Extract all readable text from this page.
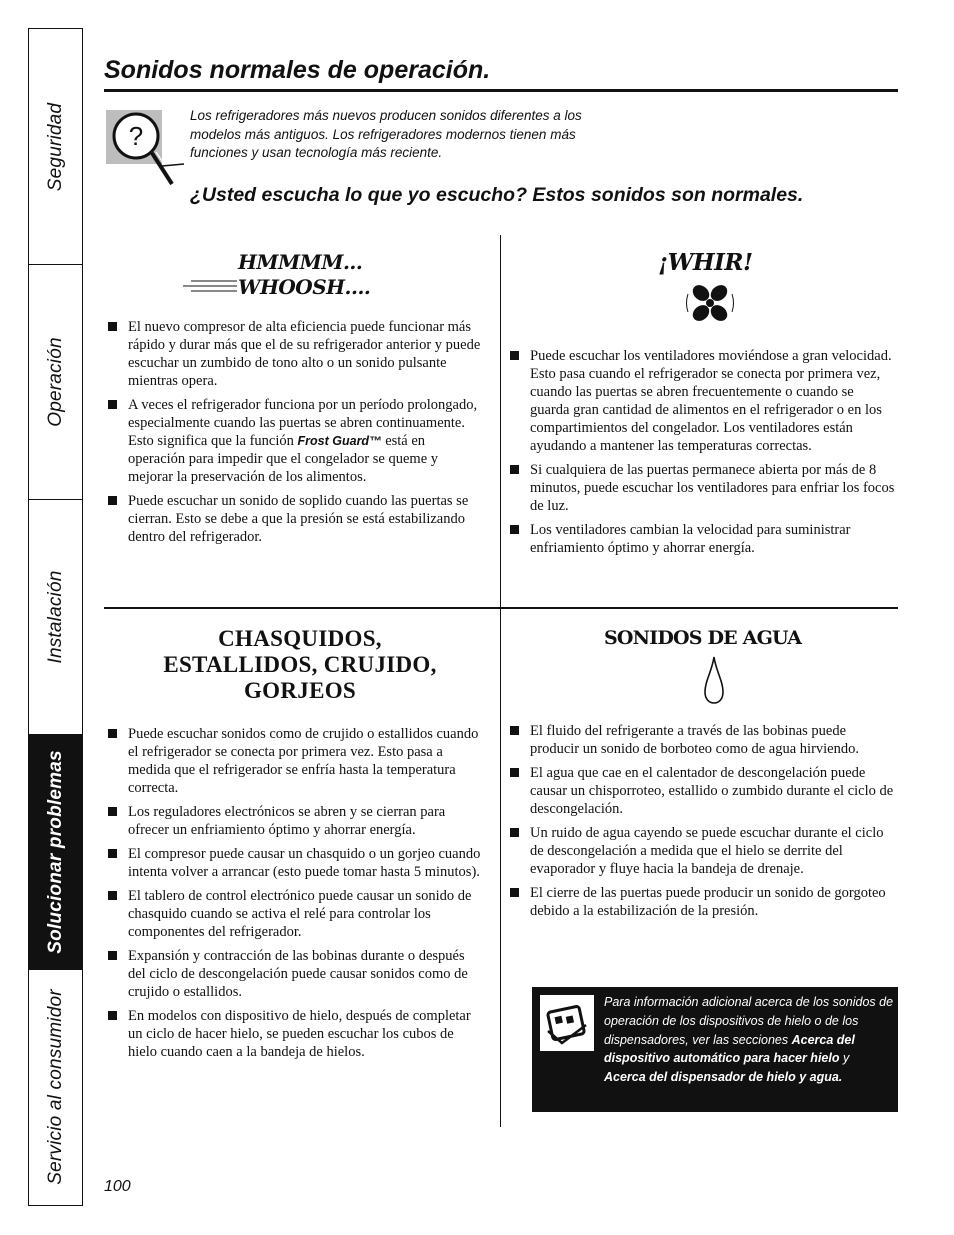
Seguridad
Operación
Instalación
Solucionar problemas
Servicio al consumidor
Sonidos normales de operación.
?
Los refrigeradores más nuevos producen sonidos diferentes a los modelos más antiguos. Los refrigeradores modernos tienen más funciones y usan tecnología más reciente.
¿Usted escucha lo que yo escucho? Estos sonidos son normales.
HMMMM...
WHOOSH....
El nuevo compresor de alta eficiencia puede funcionar más rápido y durar más que el de su refrigerador anterior y puede escuchar un zumbido de tono alto o un sonido pulsante mientras opera.
A veces el refrigerador funciona por un período prolongado, especialmente cuando las puertas se abren continuamente. Esto significa que la función Frost Guard™ está en operación para impedir que el congelador se queme y mejorar la preservación de los alimentos.
Puede escuchar un sonido de soplido cuando las puertas se cierran. Esto se debe a que la presión se está estabilizando dentro del refrigerador.
¡WHIR!
Puede escuchar los ventiladores moviéndose a gran velocidad. Esto pasa cuando el refrigerador se conecta por primera vez, cuando las puertas se abren frecuentemente o cuando se guarda gran cantidad de alimentos en el refrigerador o en los compartimientos del congelador. Los ventiladores están ayudando a mantener las temperaturas correctas.
Si cualquiera de las puertas permanece abierta por más de 8 minutos, puede escuchar los ventiladores para enfriar los focos de luz.
Los ventiladores cambian la velocidad para suministrar enfriamiento óptimo y ahorrar energía.
CHASQUIDOS,
ESTALLIDOS, CRUJIDO,
GORJEOS
Puede escuchar sonidos como de crujido o estallidos cuando el refrigerador se conecta por primera vez. Esto pasa a medida que el refrigerador se enfría hasta la temperatura correcta.
Los reguladores electrónicos se abren y se cierran para ofrecer un enfriamiento óptimo y ahorrar energía.
El compresor puede causar un chasquido o un gorjeo cuando intenta volver a arrancar (esto puede tomar hasta 5 minutos).
El tablero de control electrónico puede causar un sonido de chasquido cuando se activa el relé para controlar los componentes del refrigerador.
Expansión y contracción de las bobinas durante o después del ciclo de descongelación puede causar sonidos como de crujido o estallidos.
En modelos con dispositivo de hielo, después de completar un ciclo de hacer hielo, se pueden escuchar los cubos de hielo cuando caen a la bandeja de hielos.
SONIDOS DE AGUA
El fluido del refrigerante a través de las bobinas puede producir un sonido de borboteo como de agua hirviendo.
El agua que cae en el calentador de descongelación puede causar un chisporroteo, estallido o zumbido durante el ciclo de descongelación.
Un ruido de agua cayendo se puede escuchar durante el ciclo de descongelación a medida que el hielo se derrite del evaporador y fluye hacia la bandeja de drenaje.
El cierre de las puertas puede producir un sonido de gorgoteo debido a la estabilización de la presión.
Para información adicional acerca de los sonidos de operación de los dispositivos de hielo o de los dispensadores, ver las secciones Acerca del dispositivo automático para hacer hielo y Acerca del dispensador de hielo y agua.
100
